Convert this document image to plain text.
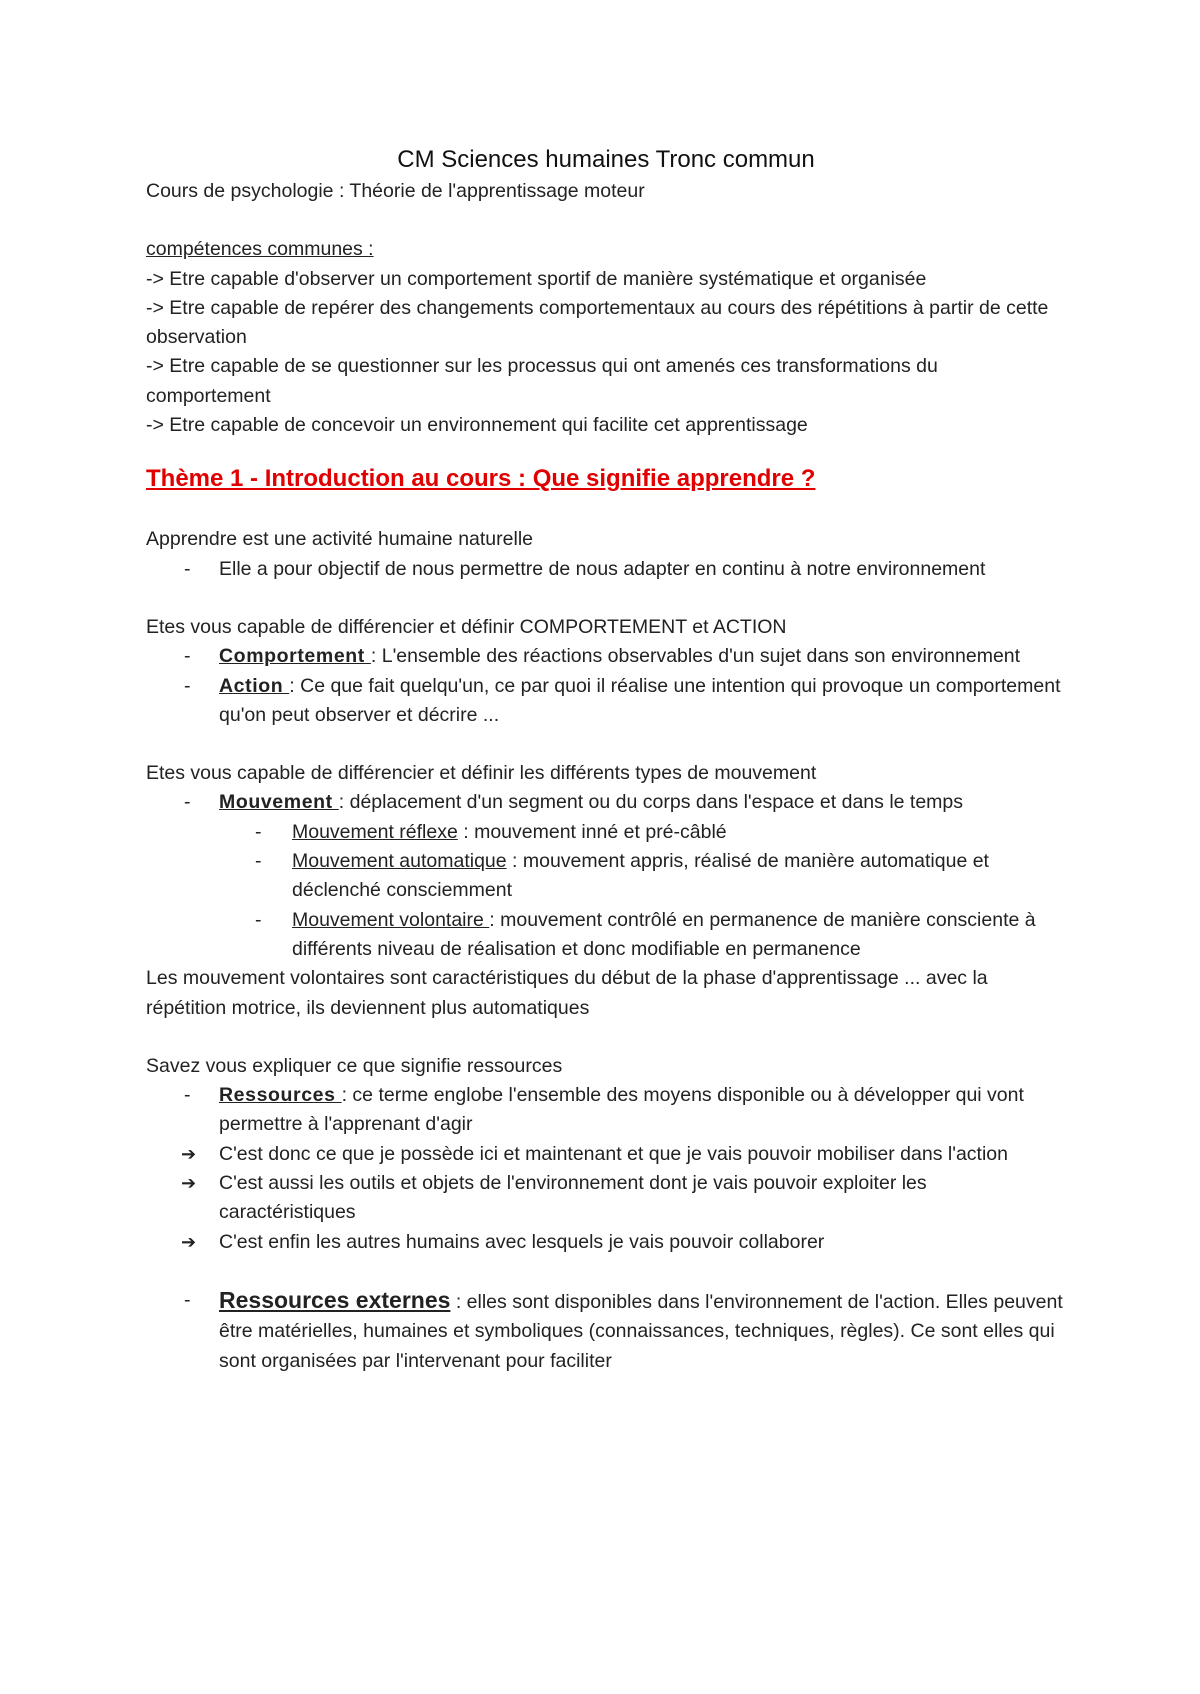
CM Sciences humaines Tronc commun

Cours de psychologie : Théorie de l'apprentissage moteur

compétences communes :

-> Etre capable d'observer un comportement sportif de manière systématique et organisée

-> Etre capable de repérer des changements comportementaux au cours des répétitions à partir de cette observation

-> Etre capable de se questionner sur les processus qui ont amenés ces transformations du comportement

-> Etre capable de concevoir un environnement qui facilite cet apprentissage

Thème 1 - Introduction au cours : Que signifie apprendre ?

Apprendre est une activité humaine naturelle

-	Elle a pour objectif de nous permettre de nous adapter en continu à notre environnement

Etes vous capable de différencier et définir COMPORTEMENT et ACTION

-	Comportement : L'ensemble des réactions observables d'un sujet dans son environnement
-	Action : Ce que fait quelqu'un, ce par quoi il réalise une intention qui provoque un comportement qu'on peut observer et décrire ...

Etes vous capable de différencier et définir les différents types de mouvement

-	Mouvement : déplacement d'un segment ou du corps dans l'espace et dans le temps
- Mouvement réflexe : mouvement inné et pré-câblé
- Mouvement automatique : mouvement appris, réalisé de manière automatique et déclenché consciemment
- Mouvement volontaire : mouvement contrôlé en permanence de manière consciente à différents niveau de réalisation et donc modifiable en permanence

Les mouvement volontaires sont caractéristiques du début de la phase d'apprentissage ... avec la répétition motrice, ils deviennent plus automatiques

Savez vous expliquer ce que signifie ressources

-	Ressources : ce terme englobe l'ensemble des moyens disponible ou à développer qui vont permettre à l'apprenant d'agir
➔ C'est donc ce que je possède ici et maintenant et que je vais pouvoir mobiliser dans l'action
➔ C'est aussi les outils et objets de l'environnement dont je vais pouvoir exploiter les caractéristiques
➔ C'est enfin les autres humains avec lesquels je vais pouvoir collaborer
-	Ressources externes : elles sont disponibles dans l'environnement de l'action. Elles peuvent être matérielles, humaines et symboliques (connaissances, techniques, règles). Ce sont elles qui sont organisées par l'intervenant pour faciliter
